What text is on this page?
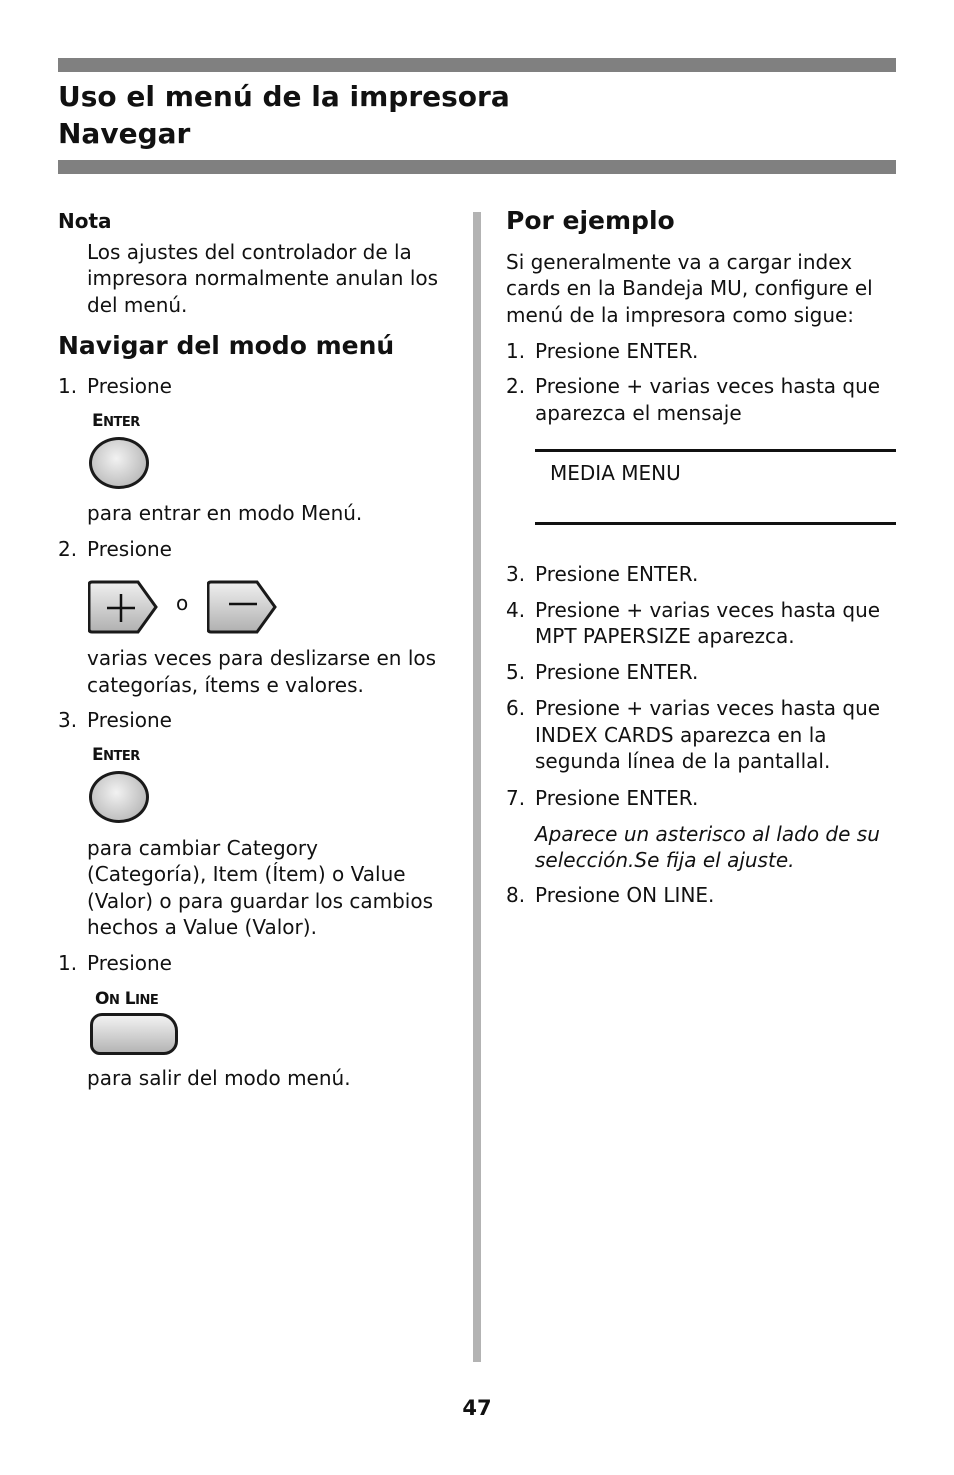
Uso el menú de la impresora
Navegar

Nota

Los ajustes del controlador de la

impresora normalmente anulan los

del menú.

Navigar del modo menú

1. Presione

ENTER

para entrar en modo Menú.

2. Presione

o

varias veces para deslizarse en los

categorías, ítems e valores.

3. Presione

ENTER

para cambiar Category

(Categoría), Item (Ítem) o Value

(Valor) o para guardar los cambios

hechos a Value (Valor).

1. Presione

ON LINE

para salir del modo menú.

Por ejemplo

Si generalmente va a cargar index

cards en la Bandeja MU, configure el

menú de la impresora como sigue:

1. Presione ENTER.

2. Presione + varias veces hasta que

aparezca el mensaje

MEDIA MENU

3. Presione ENTER.

4. Presione + varias veces hasta que

MPT PAPERSIZE aparezca.

5. Presione ENTER.

6. Presione + varias veces hasta que

INDEX CARDS aparezca en la

segunda línea de la pantallal.

7. Presione ENTER.

Aparece un asterisco al lado de su

selección.Se fija el ajuste.

8. Presione ON LINE.

47
